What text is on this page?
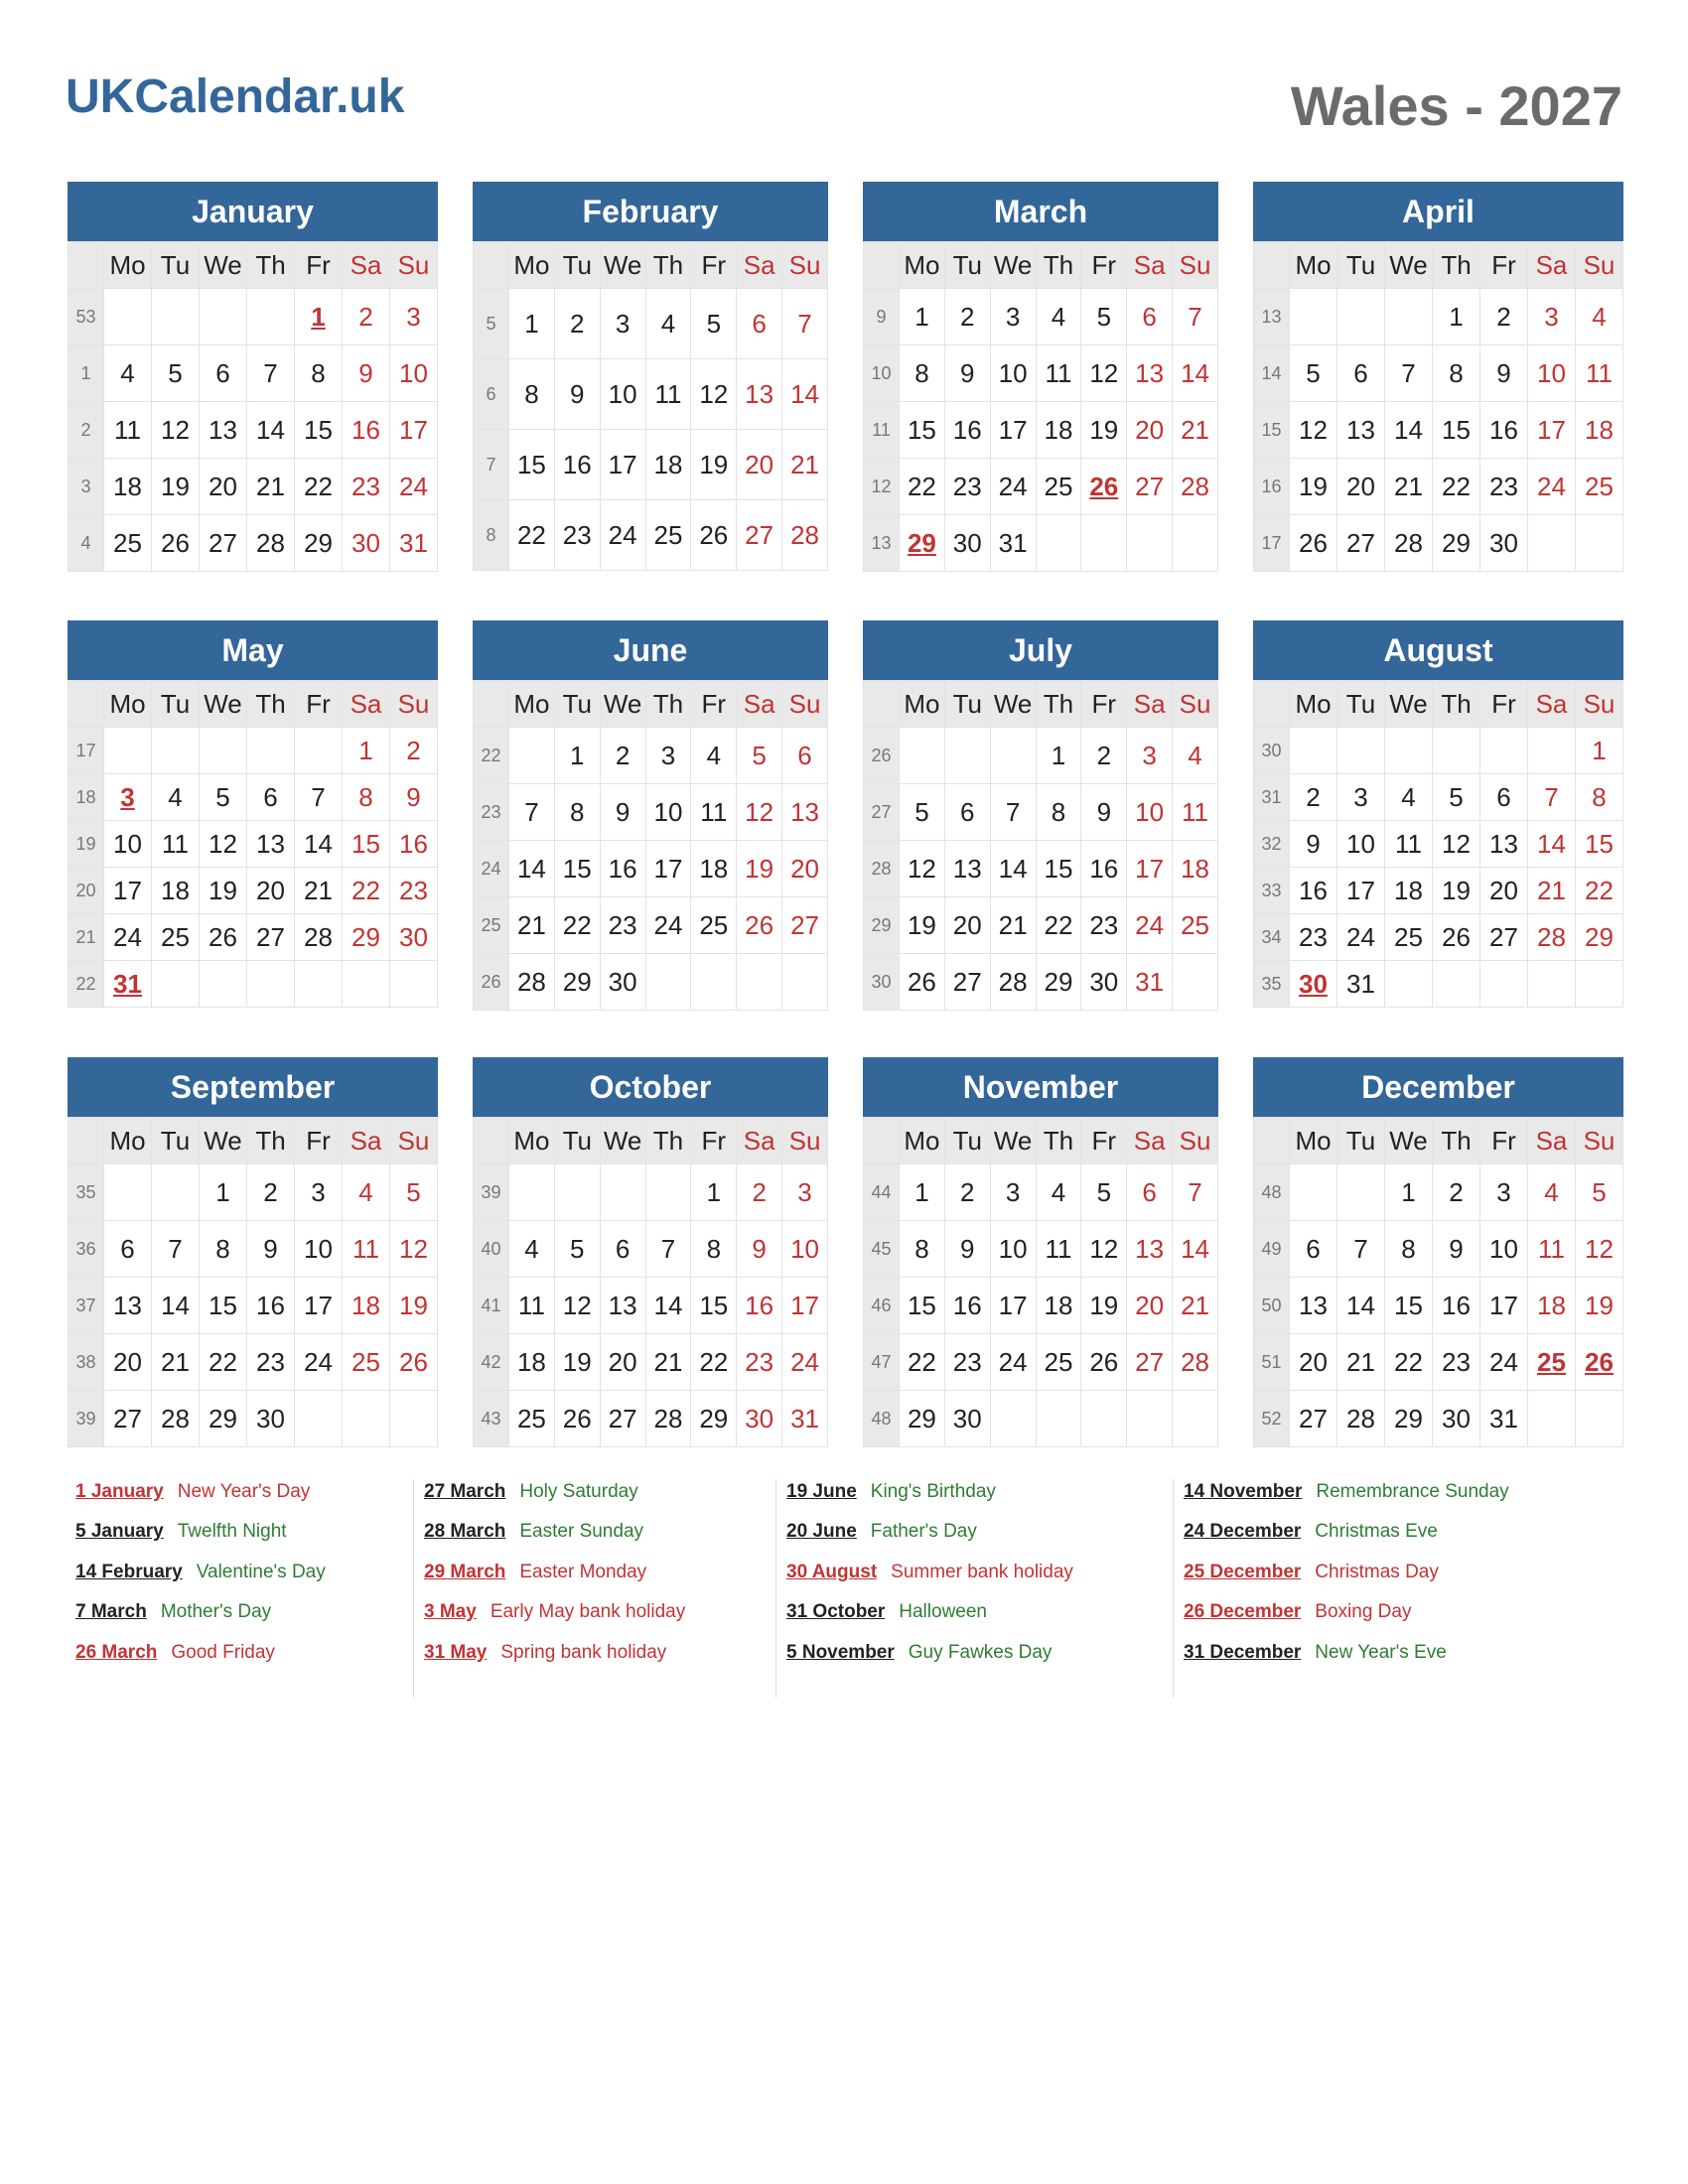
UKCalendar.uk	Wales - 2027
January
	Mo	Tu	We	Th	Fr	Sa	Su
53					1	2	3
1	4	5	6	7	8	9	10
2	11	12	13	14	15	16	17
3	18	19	20	21	22	23	24
4	25	26	27	28	29	30	31
February
	Mo	Tu	We	Th	Fr	Sa	Su
5	1	2	3	4	5	6	7
6	8	9	10	11	12	13	14
7	15	16	17	18	19	20	21
8	22	23	24	25	26	27	28
March
	Mo	Tu	We	Th	Fr	Sa	Su
9	1	2	3	4	5	6	7
10	8	9	10	11	12	13	14
11	15	16	17	18	19	20	21
12	22	23	24	25	26	27	28
13	29	30	31				
April
	Mo	Tu	We	Th	Fr	Sa	Su
13				1	2	3	4
14	5	6	7	8	9	10	11
15	12	13	14	15	16	17	18
16	19	20	21	22	23	24	25
17	26	27	28	29	30		
May
	Mo	Tu	We	Th	Fr	Sa	Su
17						1	2
18	3	4	5	6	7	8	9
19	10	11	12	13	14	15	16
20	17	18	19	20	21	22	23
21	24	25	26	27	28	29	30
22	31						
June
	Mo	Tu	We	Th	Fr	Sa	Su
22		1	2	3	4	5	6
23	7	8	9	10	11	12	13
24	14	15	16	17	18	19	20
25	21	22	23	24	25	26	27
26	28	29	30				
July
	Mo	Tu	We	Th	Fr	Sa	Su
26				1	2	3	4
27	5	6	7	8	9	10	11
28	12	13	14	15	16	17	18
29	19	20	21	22	23	24	25
30	26	27	28	29	30	31	
August
	Mo	Tu	We	Th	Fr	Sa	Su
30							1
31	2	3	4	5	6	7	8
32	9	10	11	12	13	14	15
33	16	17	18	19	20	21	22
34	23	24	25	26	27	28	29
35	30	31					
September
	Mo	Tu	We	Th	Fr	Sa	Su
35			1	2	3	4	5
36	6	7	8	9	10	11	12
37	13	14	15	16	17	18	19
38	20	21	22	23	24	25	26
39	27	28	29	30			
October
	Mo	Tu	We	Th	Fr	Sa	Su
39					1	2	3
40	4	5	6	7	8	9	10
41	11	12	13	14	15	16	17
42	18	19	20	21	22	23	24
43	25	26	27	28	29	30	31
November
	Mo	Tu	We	Th	Fr	Sa	Su
44	1	2	3	4	5	6	7
45	8	9	10	11	12	13	14
46	15	16	17	18	19	20	21
47	22	23	24	25	26	27	28
48	29	30					
December
	Mo	Tu	We	Th	Fr	Sa	Su
48			1	2	3	4	5
49	6	7	8	9	10	11	12
50	13	14	15	16	17	18	19
51	20	21	22	23	24	25	26
52	27	28	29	30	31		
1 January New Year's Day
5 January Twelfth Night
14 February Valentine's Day
7 March Mother's Day
26 March Good Friday
27 March Holy Saturday
28 March Easter Sunday
29 March Easter Monday
3 May Early May bank holiday
31 May Spring bank holiday
19 June King's Birthday
20 June Father's Day
30 August Summer bank holiday
31 October Halloween
5 November Guy Fawkes Day
14 November Remembrance Sunday
24 December Christmas Eve
25 December Christmas Day
26 December Boxing Day
31 December New Year's Eve
